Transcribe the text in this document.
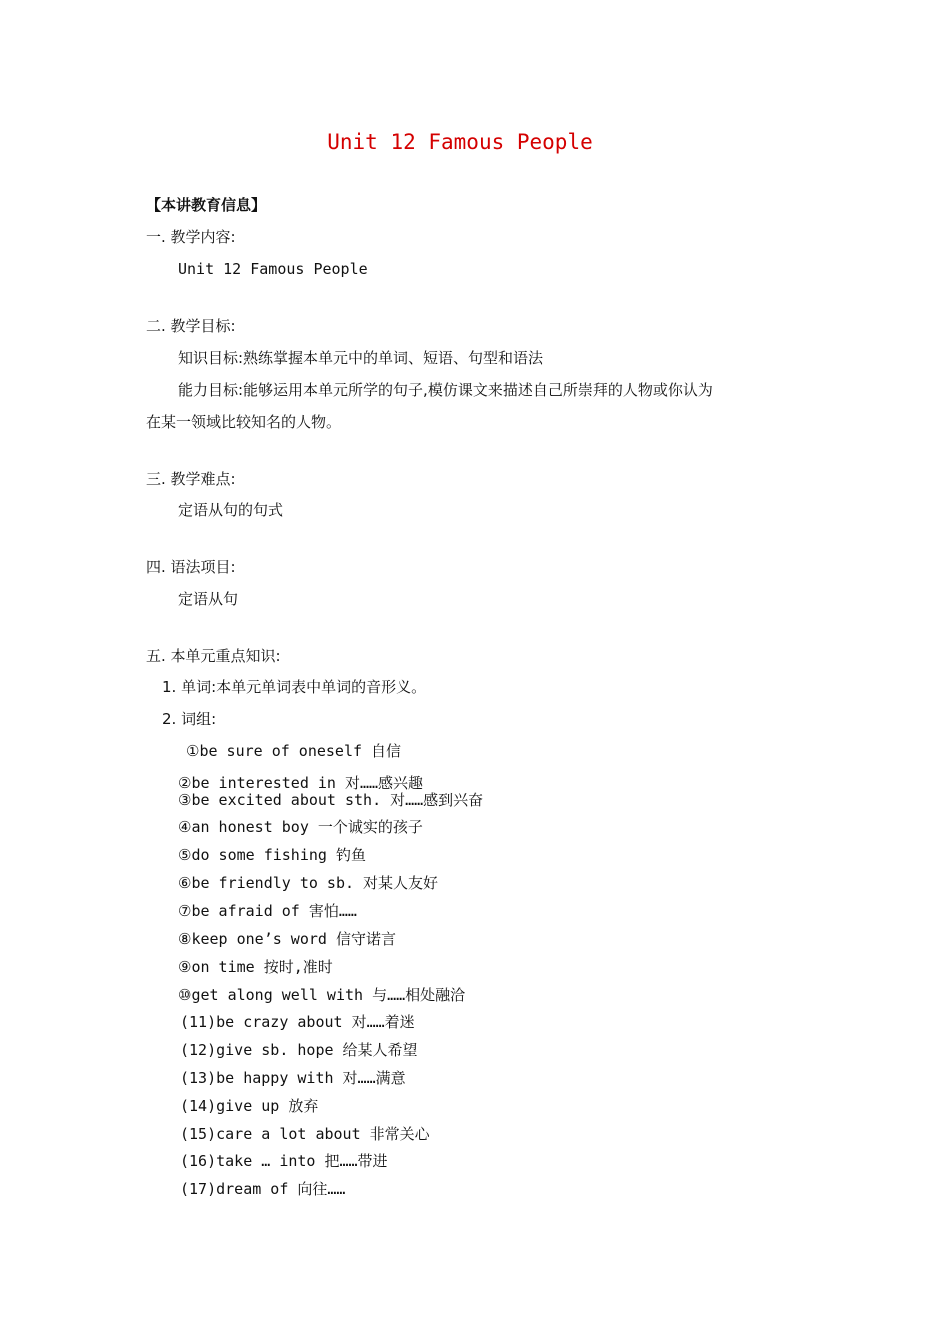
Unit 12 Famous People
【本讲教育信息】
一. 教学内容:
Unit 12 Famous People
二. 教学目标:
知识目标:熟练掌握本单元中的单词、短语、句型和语法
能力目标:能够运用本单元所学的句子,模仿课文来描述自己所崇拜的人物或你认为
在某一领域比较知名的人物。
三. 教学难点:
定语从句的句式
四. 语法项目:
定语从句
五. 本单元重点知识:
1. 单词:本单元单词表中单词的音形义。
2. 词组:
①be sure of oneself 自信
②be interested in 对……感兴趣
③be excited about sth. 对……感到兴奋
④an honest boy 一个诚实的孩子
⑤do some fishing 钓鱼
⑥be friendly to sb. 对某人友好
⑦be afraid of 害怕……
⑧keep one’s word 信守诺言
⑨on time 按时,准时
⑩get along well with 与……相处融洽
(11)be crazy about 对……着迷
(12)give sb. hope 给某人希望
(13)be happy with 对……满意
(14)give up 放弃
(15)care a lot about 非常关心
(16)take … into 把……带进
(17)dream of 向往……
